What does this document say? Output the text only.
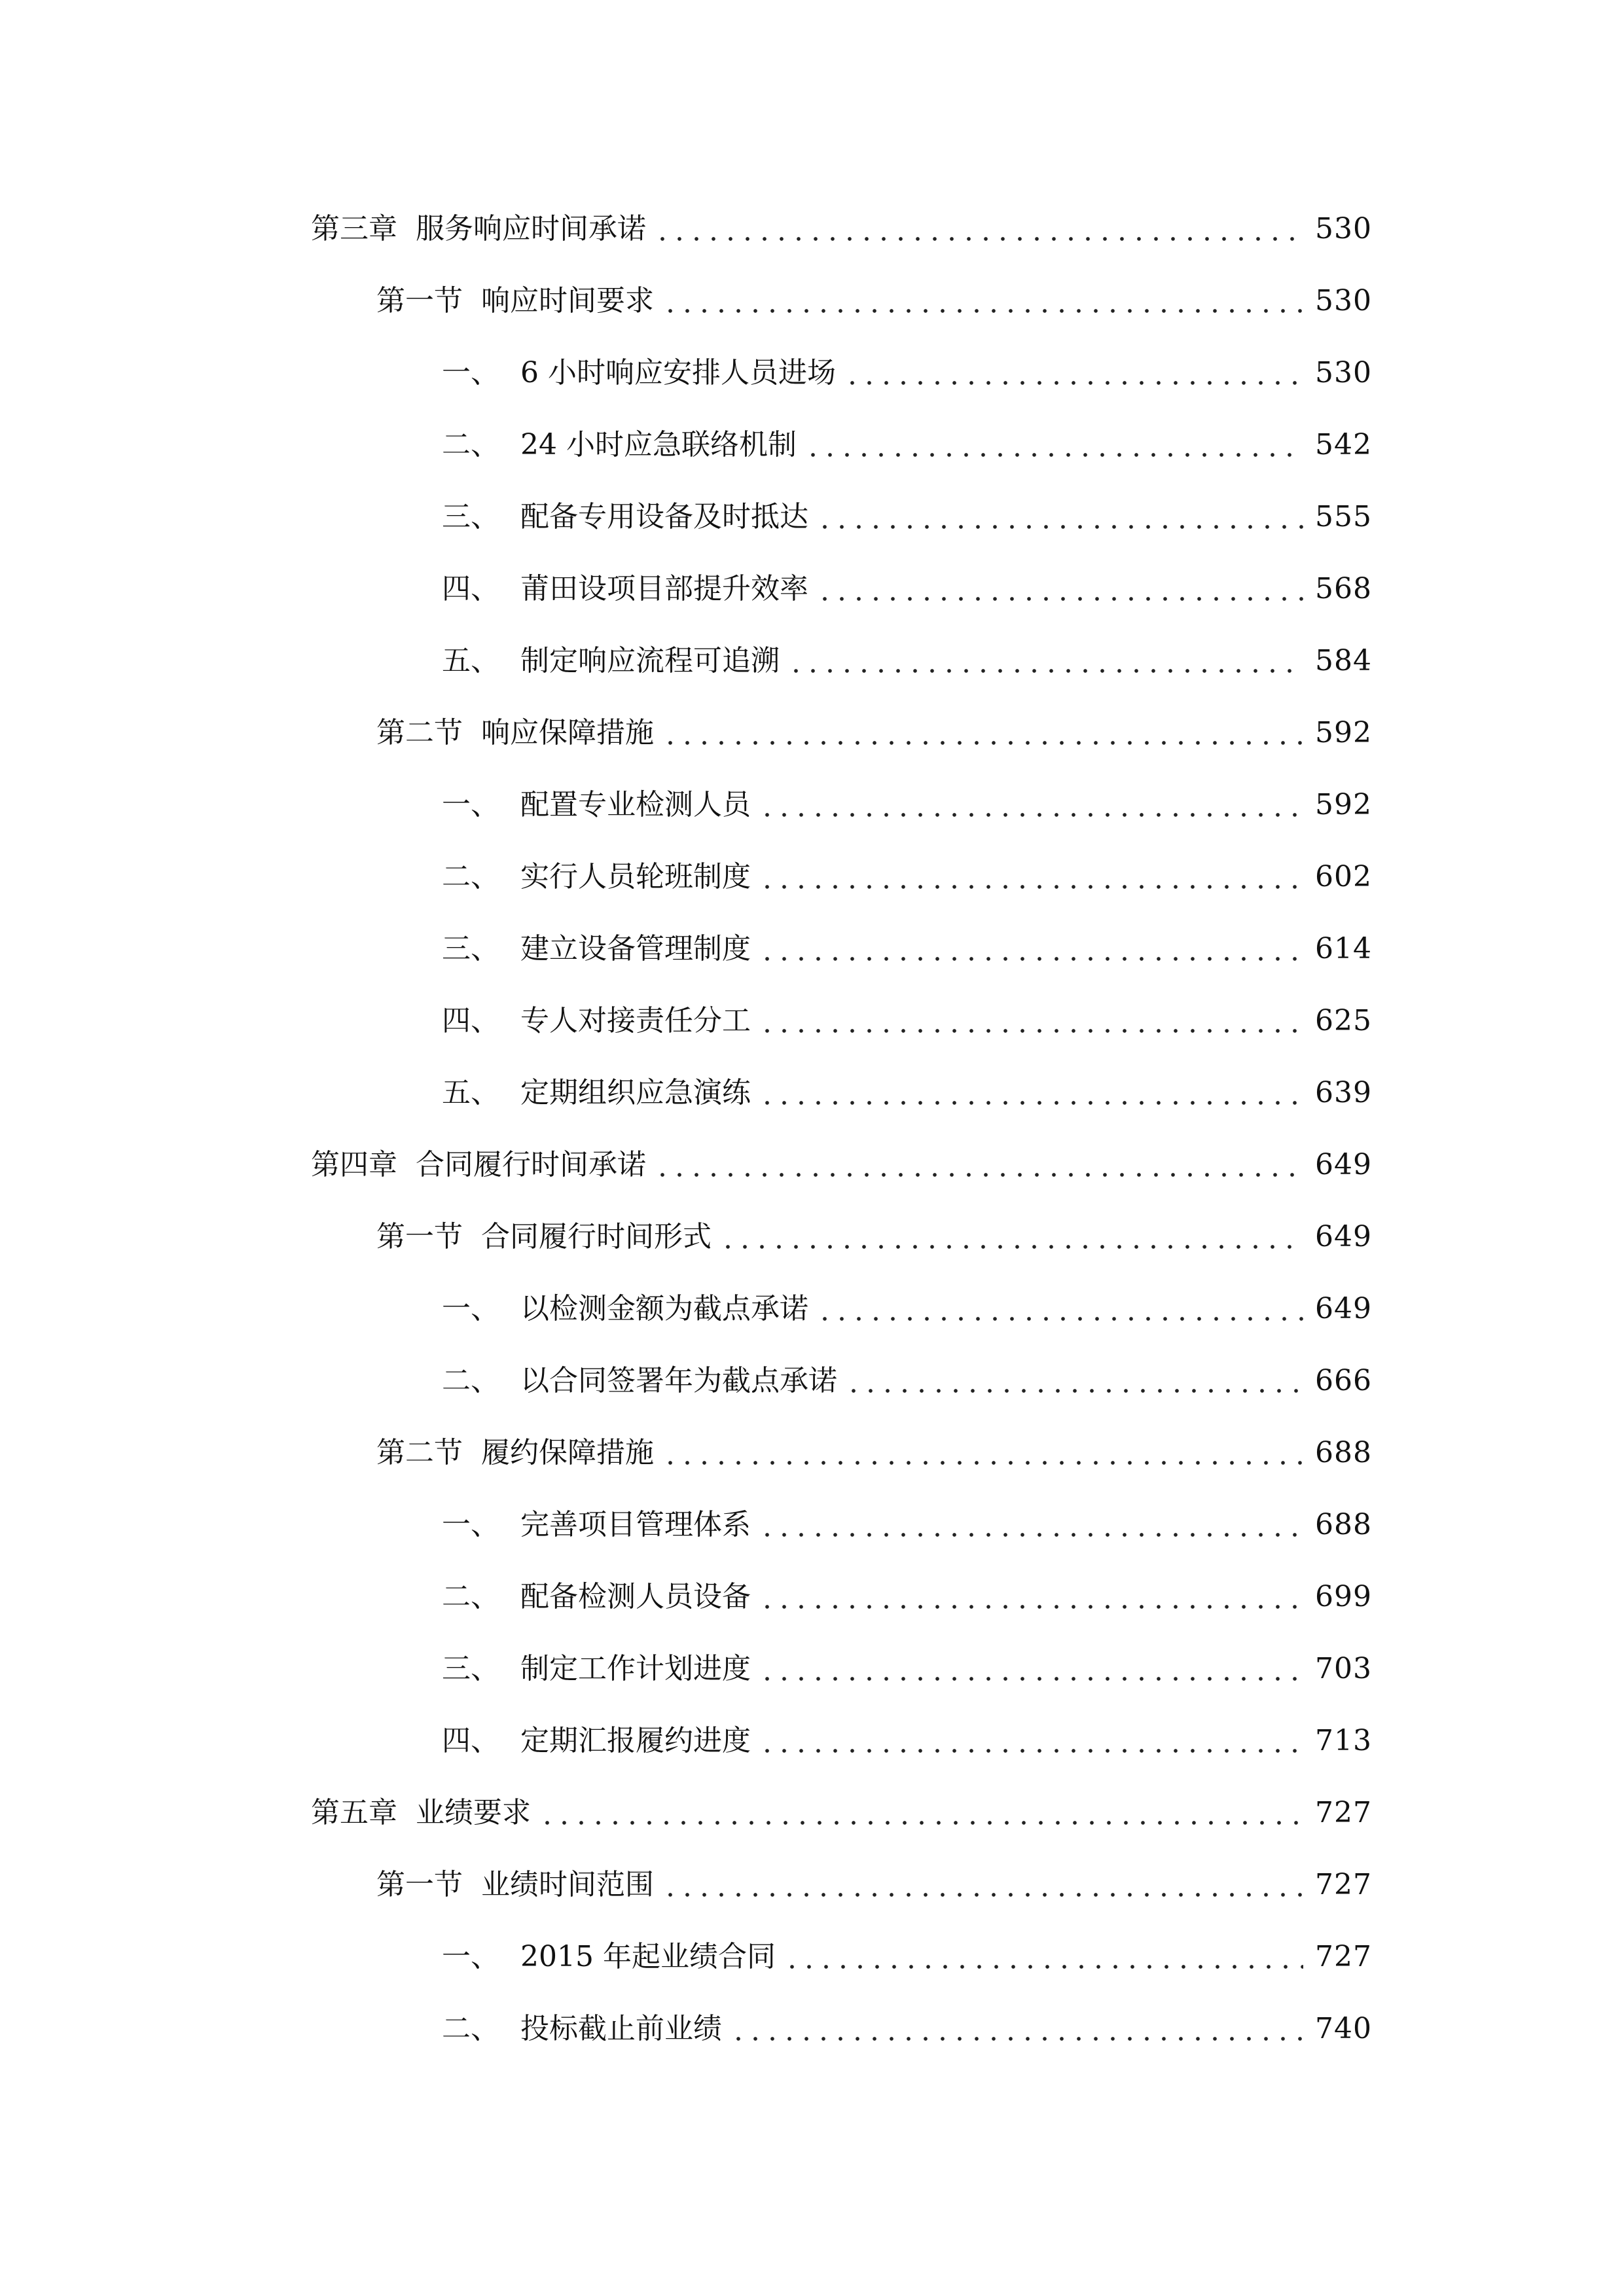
第三章 服务响应时间承诺	530
第一节 响应时间要求	530
一、 6 小时响应安排人员进场	530
二、 24 小时应急联络机制	542
三、 配备专用设备及时抵达	555
四、 莆田设项目部提升效率	568
五、 制定响应流程可追溯	584
第二节 响应保障措施	592
一、 配置专业检测人员	592
二、 实行人员轮班制度	602
三、 建立设备管理制度	614
四、 专人对接责任分工	625
五、 定期组织应急演练	639
第四章 合同履行时间承诺	649
第一节 合同履行时间形式	649
一、 以检测金额为截点承诺	649
二、 以合同签署年为截点承诺	666
第二节 履约保障措施	688
一、 完善项目管理体系	688
二、 配备检测人员设备	699
三、 制定工作计划进度	703
四、 定期汇报履约进度	713
第五章 业绩要求	727
第一节 业绩时间范围	727
一、 2015 年起业绩合同	727
二、 投标截止前业绩	740
